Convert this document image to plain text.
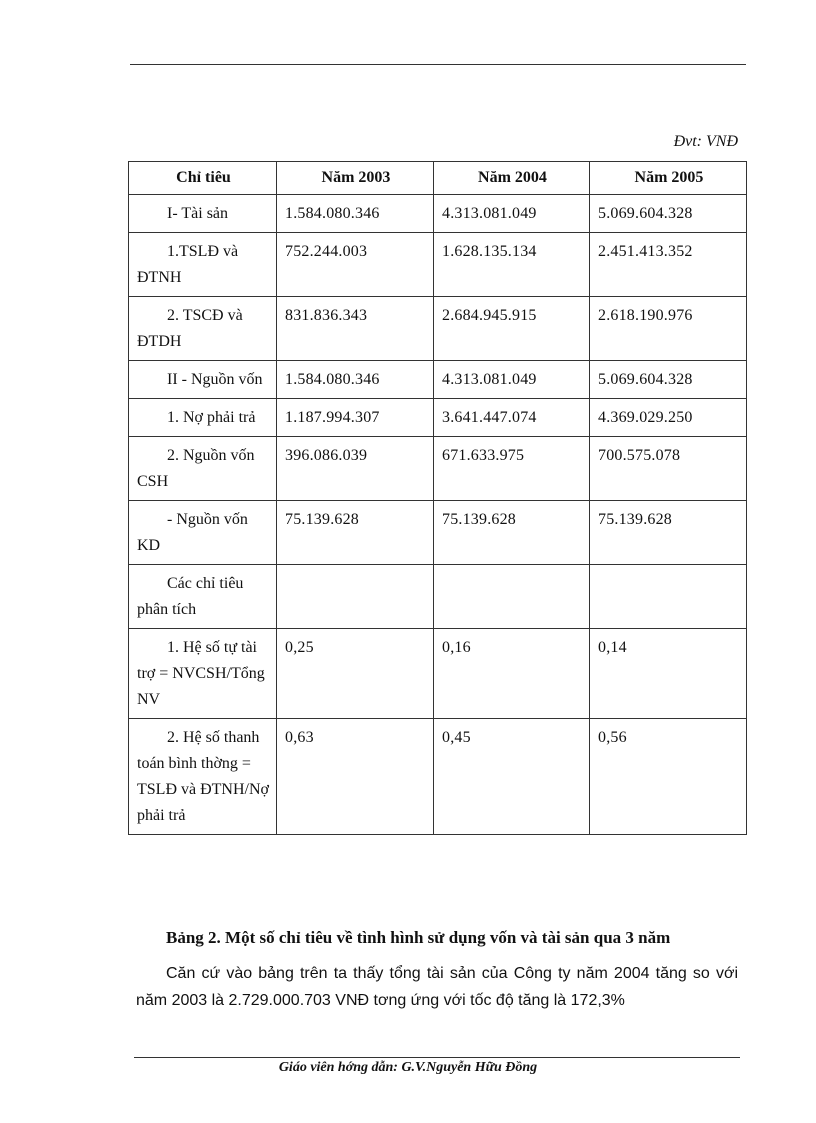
Đvt: VNĐ
Chỉ tiêu	Năm 2003	Năm 2004	Năm 2005
I- Tài sản	1.584.080.346	4.313.081.049	5.069.604.328
1.TSLĐ và ĐTNH	752.244.003	1.628.135.134	2.451.413.352
2. TSCĐ và ĐTDH	831.836.343	2.684.945.915	2.618.190.976
II - Nguồn vốn	1.584.080.346	4.313.081.049	5.069.604.328
1. Nợ phải trả	1.187.994.307	3.641.447.074	4.369.029.250
2. Nguồn vốn CSH	396.086.039	671.633.975	700.575.078
- Nguồn vốn KD	75.139.628	75.139.628	75.139.628
Các chỉ tiêu phân tích			
1. Hệ số tự tài trợ = NVCSH/Tổng NV	0,25	0,16	0,14
2. Hệ số thanh toán bình thờng = TSLĐ và ĐTNH/Nợ phải trả	0,63	0,45	0,56
Bảng 2. Một số chỉ tiêu về tình hình sử dụng vốn và tài sản qua 3 năm
Căn cứ vào bảng trên ta thấy tổng tài sản của Công ty năm 2004 tăng so với năm 2003 là 2.729.000.703 VNĐ tơng ứng với tốc độ tăng là 172,3%
Giáo viên hớng dẫn: G.V.Nguyễn Hữu Đồng
